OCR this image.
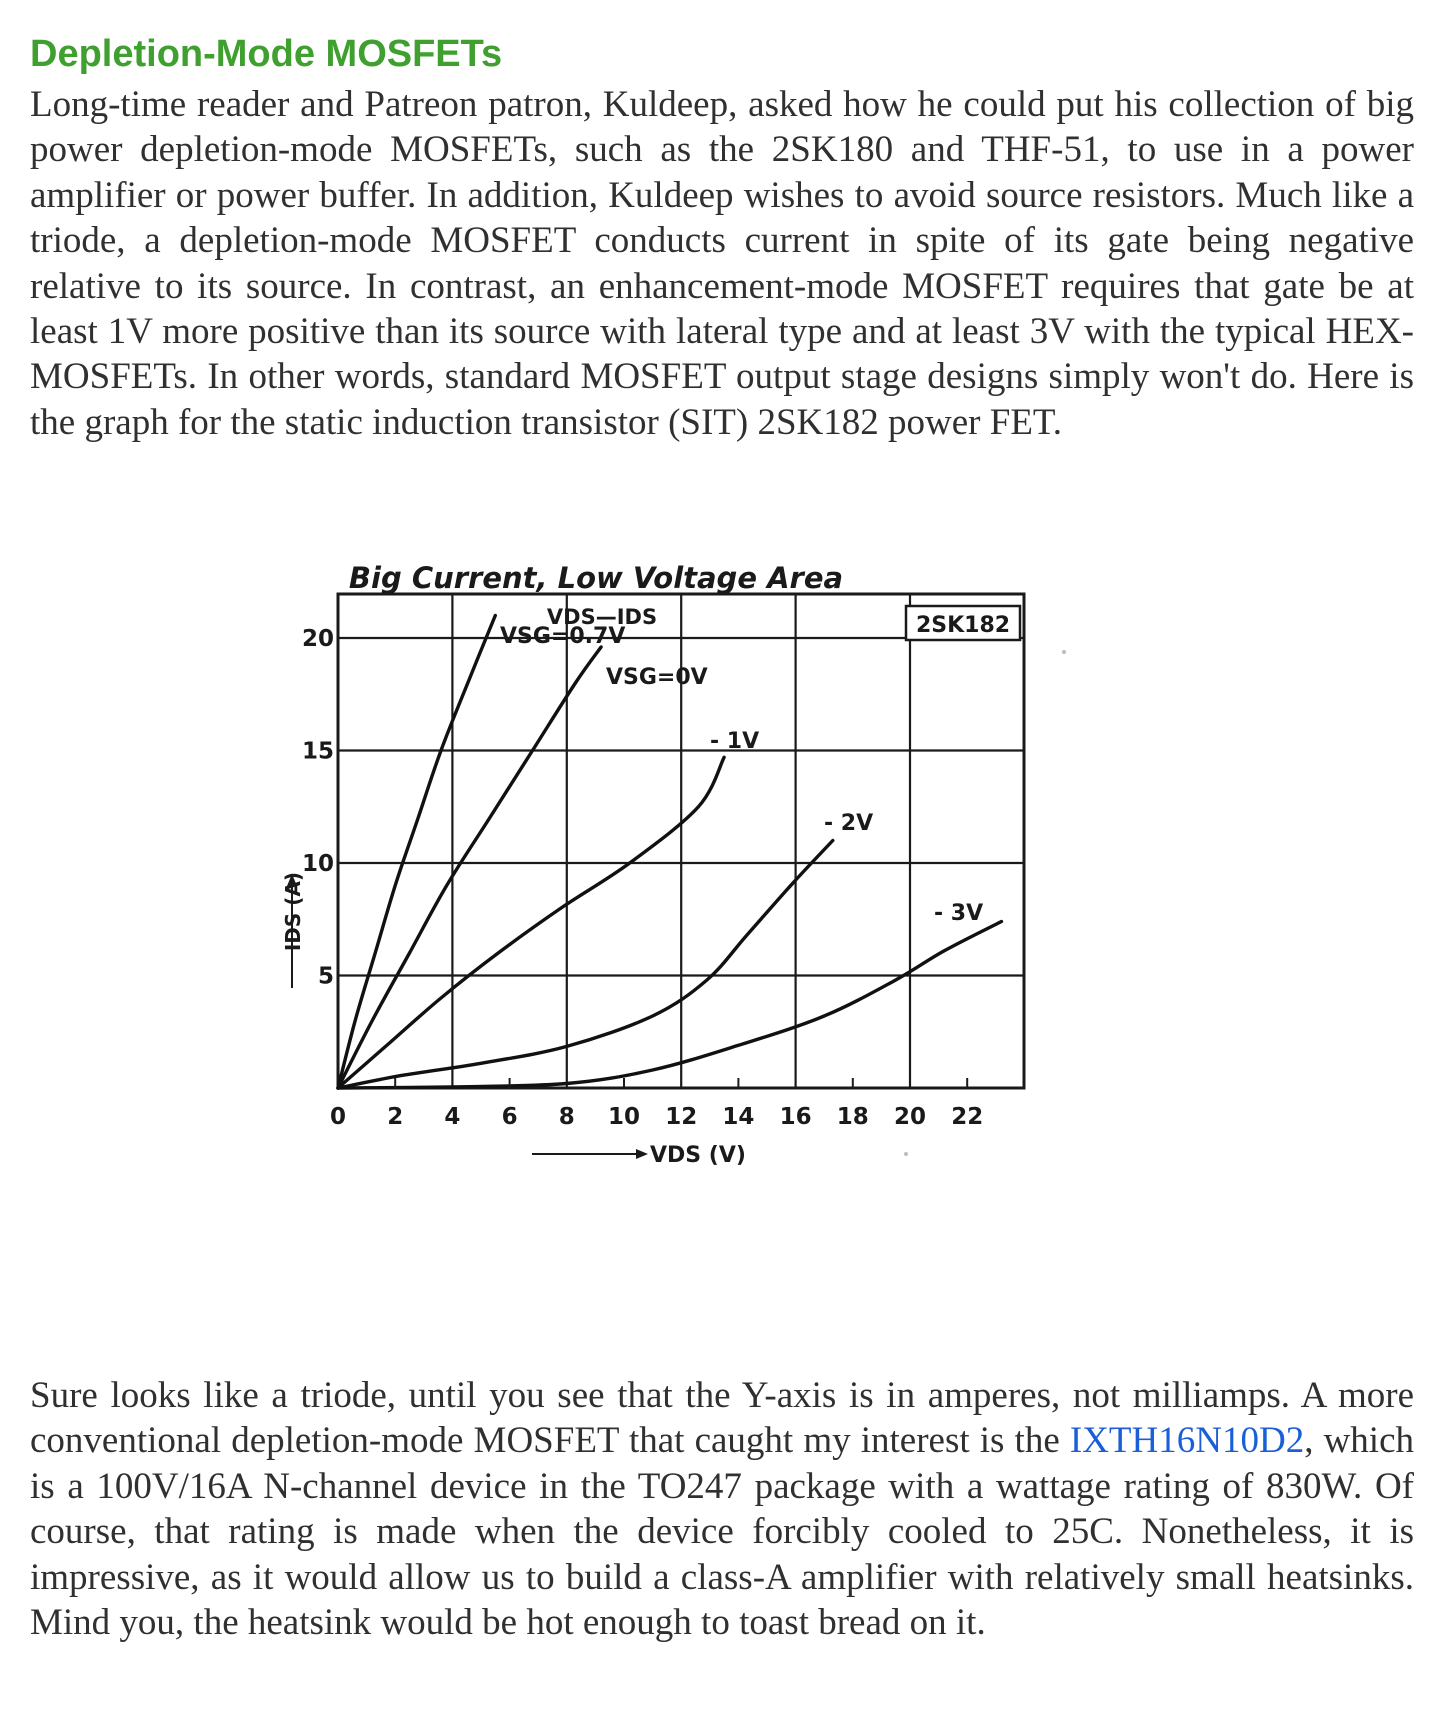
Depletion-Mode MOSFETs

Long-time reader and Patreon patron, Kuldeep, asked how he could put his collection of big power depletion-mode MOSFETs, such as the 2SK180 and THF-51, to use in a power amplifier or power buffer. In addition, Kuldeep wishes to avoid source resistors. Much like a triode, a depletion-mode MOSFET conducts current in spite of its gate being negative relative to its source. In contrast, an enhancement-mode MOSFET requires that gate be at least 1V more positive than its source with lateral type and at least 3V with the typical HEX-MOSFETs. In other words, standard MOSFET output stage designs simply won't do. Here is the graph for the static induction transistor (SIT) 2SK182 power FET.

Sure looks like a triode, until you see that the Y-axis is in amperes, not milliamps. A more conventional depletion-mode MOSFET that caught my interest is the IXTH16N10D2, which is a 100V/16A N-channel device in the TO247 package with a wattage rating of 830W. Of course, that rating is made when the device forcibly cooled to 25C. Nonetheless, it is impressive, as it would allow us to build a class-A amplifier with relatively small heatsinks. Mind you, the heatsink would be hot enough to toast bread on it.

0 2 4 6 8 10 12 14 16 18 20 22
5
10
15
20
Big Current, Low Voltage Area
VDS—IDS	2SK182
VSG=0.7V
VSG=0V
- 1V
- 2V
- 3V
VDS (V)
IDS (A)
